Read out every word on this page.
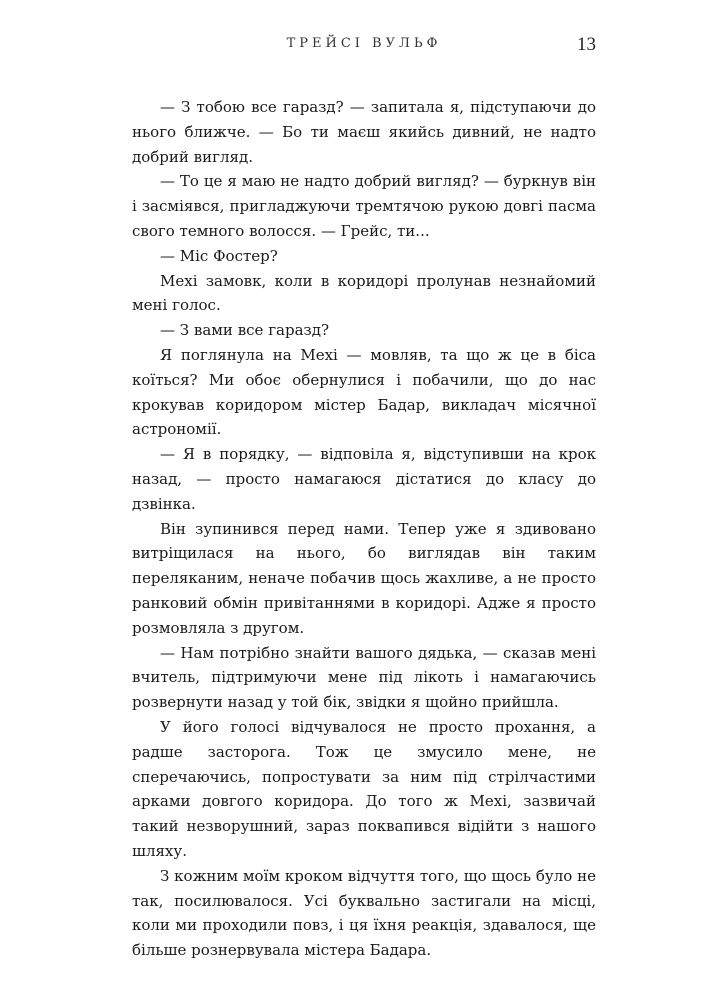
ТРЕЙСІ ВУЛЬФ	13

— З тобою все гаразд? — запитала я, підступаючи до нього ближче. — Бо ти маєш якийсь дивний, не надто добрий вигляд.

— То це я маю не надто добрий вигляд? — буркнув він і засміявся, пригладжуючи тремтячою рукою довгі пасма свого темного волосся. — Грейс, ти...

— Міс Фостер?

Мехі замовк, коли в коридорі пролунав незнайомий мені голос.

— З вами все гаразд?

Я поглянула на Мехі — мовляв, та що ж це в біса коїться? Ми обоє обернулися і побачили, що до нас крокував коридором містер Бадар, викладач місячної астрономії.

— Я в порядку, — відповіла я, відступивши на крок назад, — просто намагаюся дістатися до класу до дзвінка.

Він зупинився перед нами. Тепер уже я здивовано витріщилася на нього, бо виглядав він таким переляканим, неначе побачив щось жахливе, а не просто ранковий обмін привітаннями в коридорі. Адже я просто розмовляла з другом.

— Нам потрібно знайти вашого дядька, — сказав мені вчитель, підтримуючи мене під лікоть і намагаючись розвернути назад у той бік, звідки я щойно прийшла.

У його голосі відчувалося не просто прохання, а радше засторога. Тож це змусило мене, не сперечаючись, попростувати за ним під стрілчастими арками довгого коридора. До того ж Мехі, зазвичай такий незворушний, зараз поквапився відійти з нашого шляху.

З кожним моїм кроком відчуття того, що щось було не так, посилювалося. Усі буквально застигали на місці, коли ми проходили повз, і ця їхня реакція, здавалося, ще більше рознервувала містера Бадара.
